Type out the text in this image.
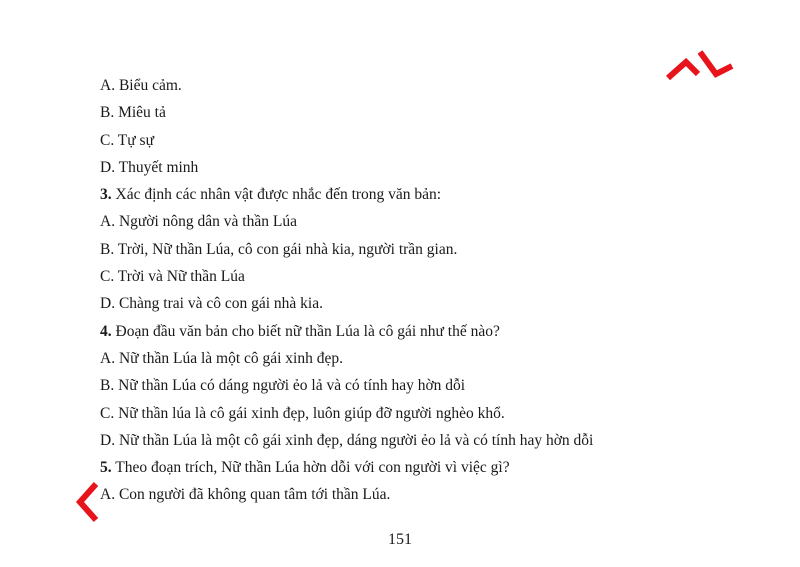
A. Biểu cảm.
B. Miêu tả
C. Tự sự
D. Thuyết minh
3. Xác định các nhân vật được nhắc đến trong văn bản:
A. Người nông dân và thần Lúa
B. Trời, Nữ thần Lúa, cô con gái nhà kia, người trần gian.
C. Trời và Nữ thần Lúa
D. Chàng trai và cô con gái nhà kia.
4. Đoạn đầu văn bản cho biết nữ thần Lúa là cô gái như thế nào?
A. Nữ thần Lúa là một cô gái xinh đẹp.
B. Nữ thần Lúa có dáng người ẻo lả và có tính hay hờn dỗi
C. Nữ thần lúa là cô gái xinh đẹp, luôn giúp đỡ người nghèo khổ.
D. Nữ thần Lúa là một cô gái xinh đẹp, dáng người ẻo lả và có tính hay hờn dỗi
5. Theo đoạn trích, Nữ thần Lúa hờn dỗi với con người vì việc gì?
A. Con người đã không quan tâm tới thần Lúa.
151
